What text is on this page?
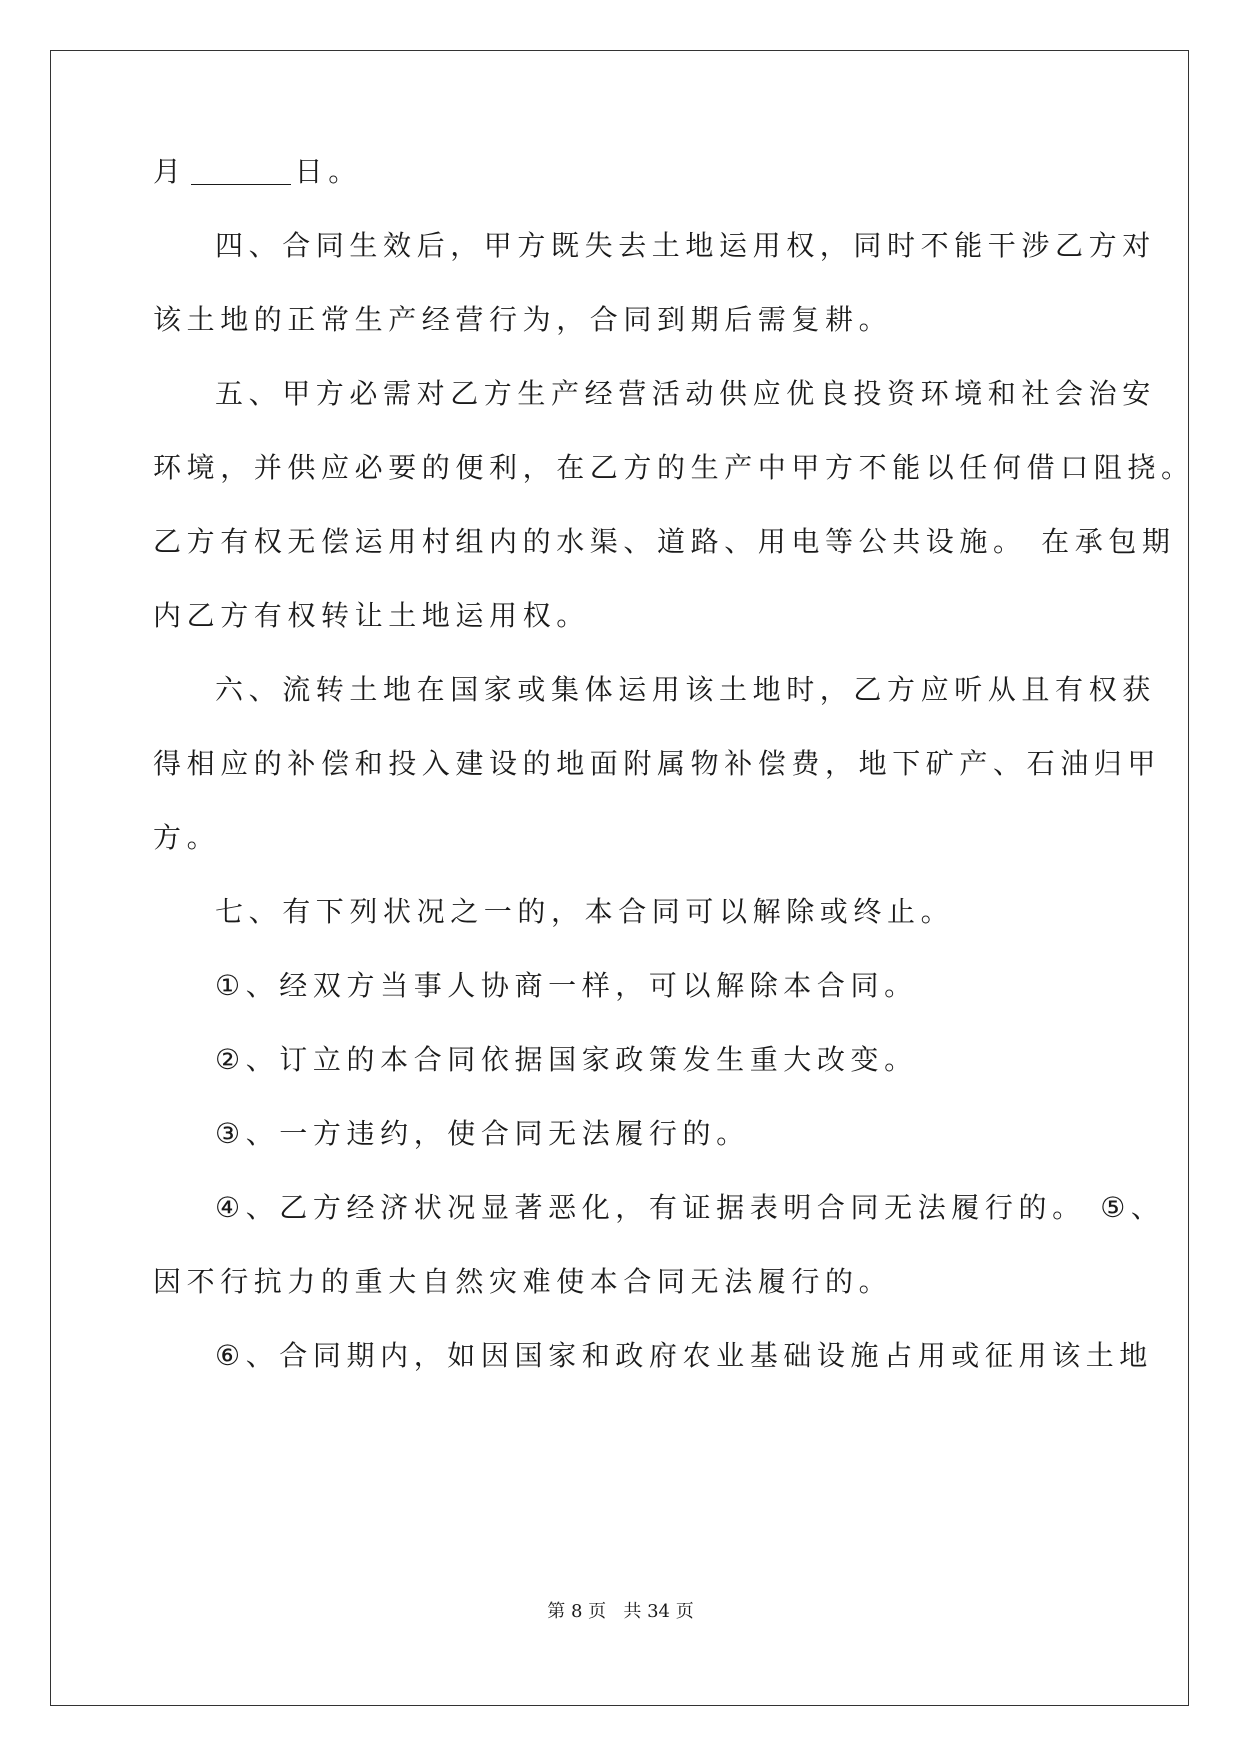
月	日。
四、合同生效后，甲方既失去土地运用权，同时不能干涉乙方对
该土地的正常生产经营行为，合同到期后需复耕。
五、甲方必需对乙方生产经营活动供应优良投资环境和社会治安
环境，并供应必要的便利，在乙方的生产中甲方不能以任何借口阻挠。
乙方有权无偿运用村组内的水渠、道路、用电等公共设施。 在承包期
内乙方有权转让土地运用权。
六、流转土地在国家或集体运用该土地时，乙方应听从且有权获
得相应的补偿和投入建设的地面附属物补偿费，地下矿产、石油归甲
方。
七、有下列状况之一的，本合同可以解除或终止。
①、经双方当事人协商一样，可以解除本合同。
②、订立的本合同依据国家政策发生重大改变。
③、一方违约，使合同无法履行的。
④、乙方经济状况显著恶化，有证据表明合同无法履行的。 ⑤、
因不行抗力的重大自然灾难使本合同无法履行的。
⑥、合同期内，如因国家和政府农业基础设施占用或征用该土地
第 8 页 共 34 页
